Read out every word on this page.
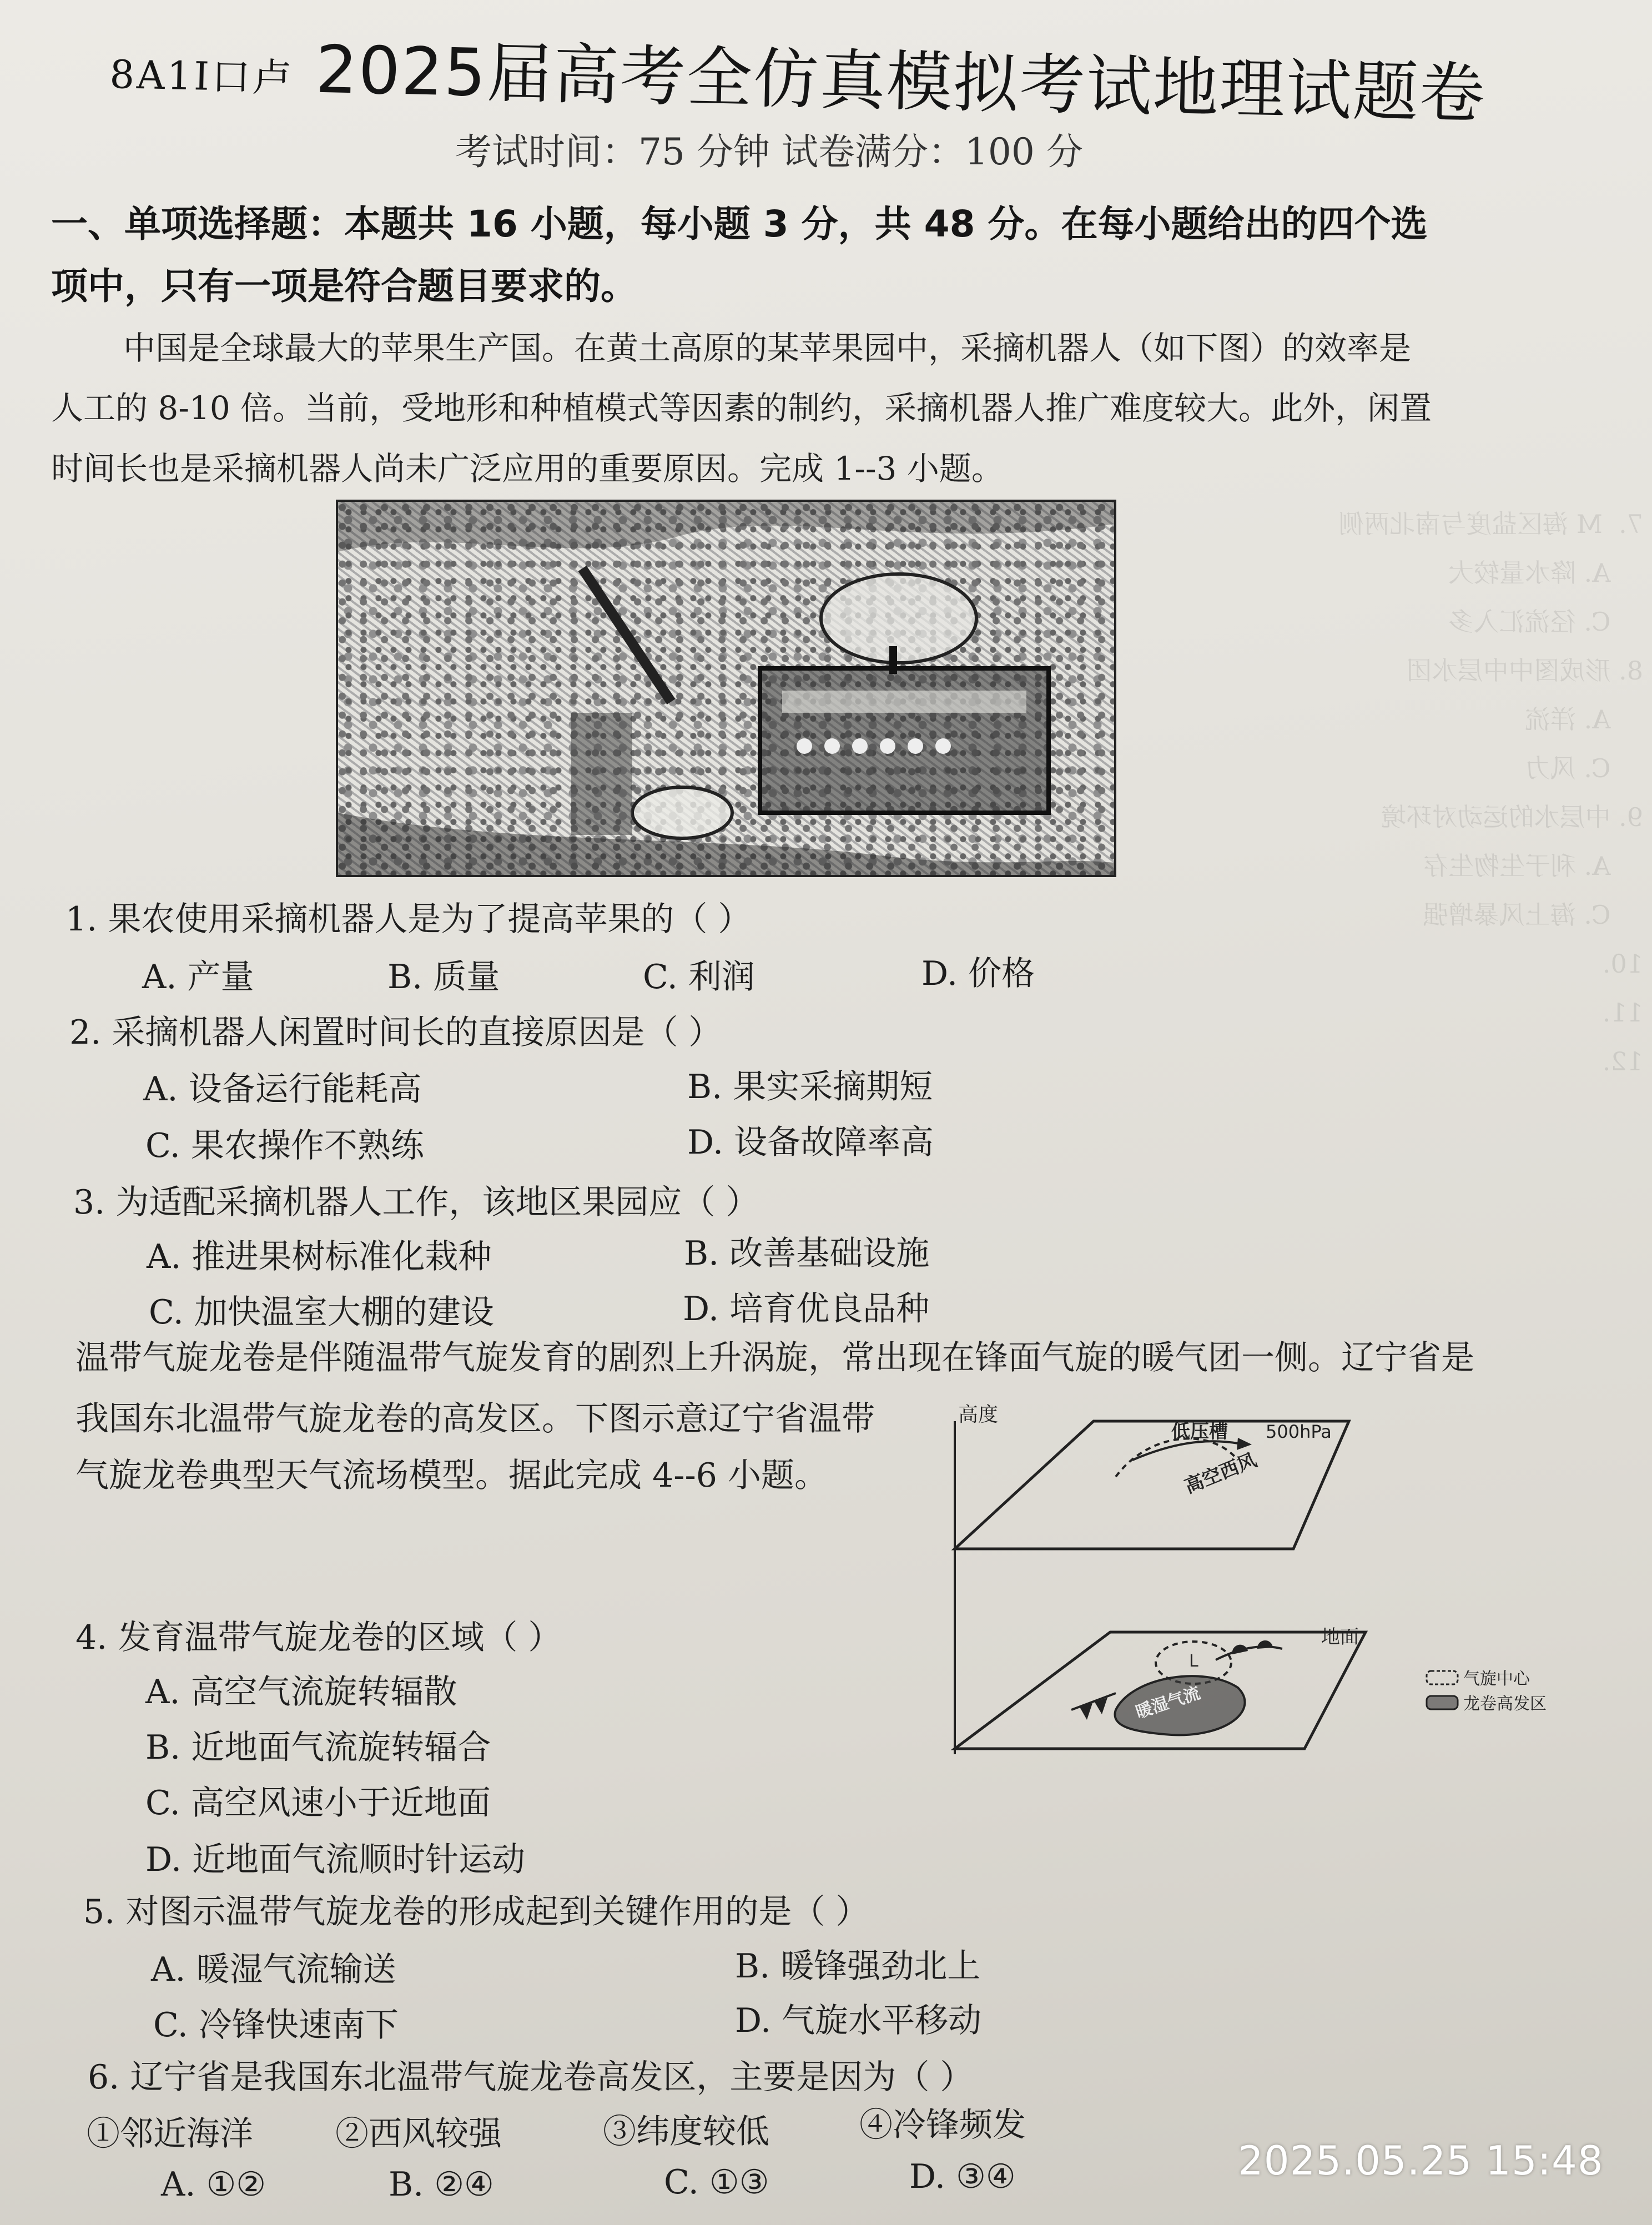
7.  M 海区盐度与南北两侧
A. 降水量较大
C. 径流汇入多
8. 形成图中中层水团
A. 洋流
C. 风力
9. 中层水的运动对环境
A. 利于生物生存
C. 海上风暴增强
10.
11.
12.
8A1I口卢 2025届高考全仿真模拟考试地理试题卷
考试时间：75 分钟 试卷满分：100 分
一、单项选择题：本题共 16 小题，每小题 3 分，共 48 分。在每小题给出的四个选
项中，只有一项是符合题目要求的。
中国是全球最大的苹果生产国。在黄土高原的某苹果园中，采摘机器人（如下图）的效率是
人工的 8-10 倍。当前，受地形和种植模式等因素的制约，采摘机器人推广难度较大。此外，闲置
时间长也是采摘机器人尚未广泛应用的重要原因。完成 1--3 小题。
1. 果农使用采摘机器人是为了提高苹果的（ ）
A. 产量	B. 质量	C. 利润	D. 价格
2. 采摘机器人闲置时间长的直接原因是（ ）
A. 设备运行能耗高	B. 果实采摘期短
C. 果农操作不熟练	D. 设备故障率高
3. 为适配采摘机器人工作，该地区果园应（ ）
A. 推进果树标准化栽种	B. 改善基础设施
C. 加快温室大棚的建设	D. 培育优良品种
温带气旋龙卷是伴随温带气旋发育的剧烈上升涡旋，常出现在锋面气旋的暖气团一侧。辽宁省是
我国东北温带气旋龙卷的高发区。下图示意辽宁省温带
气旋龙卷典型天气流场模型。据此完成 4--6 小题。
高度
低压槽 500hPa
高空西风
地面
L
暖湿气流
气旋中心
龙卷高发区
4. 发育温带气旋龙卷的区域（ ）
A. 高空气流旋转辐散
B. 近地面气流旋转辐合
C. 高空风速小于近地面
D. 近地面气流顺时针运动
5. 对图示温带气旋龙卷的形成起到关键作用的是（ ）
A. 暖湿气流输送	B. 暖锋强劲北上
C. 冷锋快速南下	D. 气旋水平移动
6. 辽宁省是我国东北温带气旋龙卷高发区，主要是因为（ ）
①邻近海洋 ②西风较强	③纬度较低	④冷锋频发
A. ①②	B. ②④	C. ①③	D. ③④	2025.05.25 15:48
